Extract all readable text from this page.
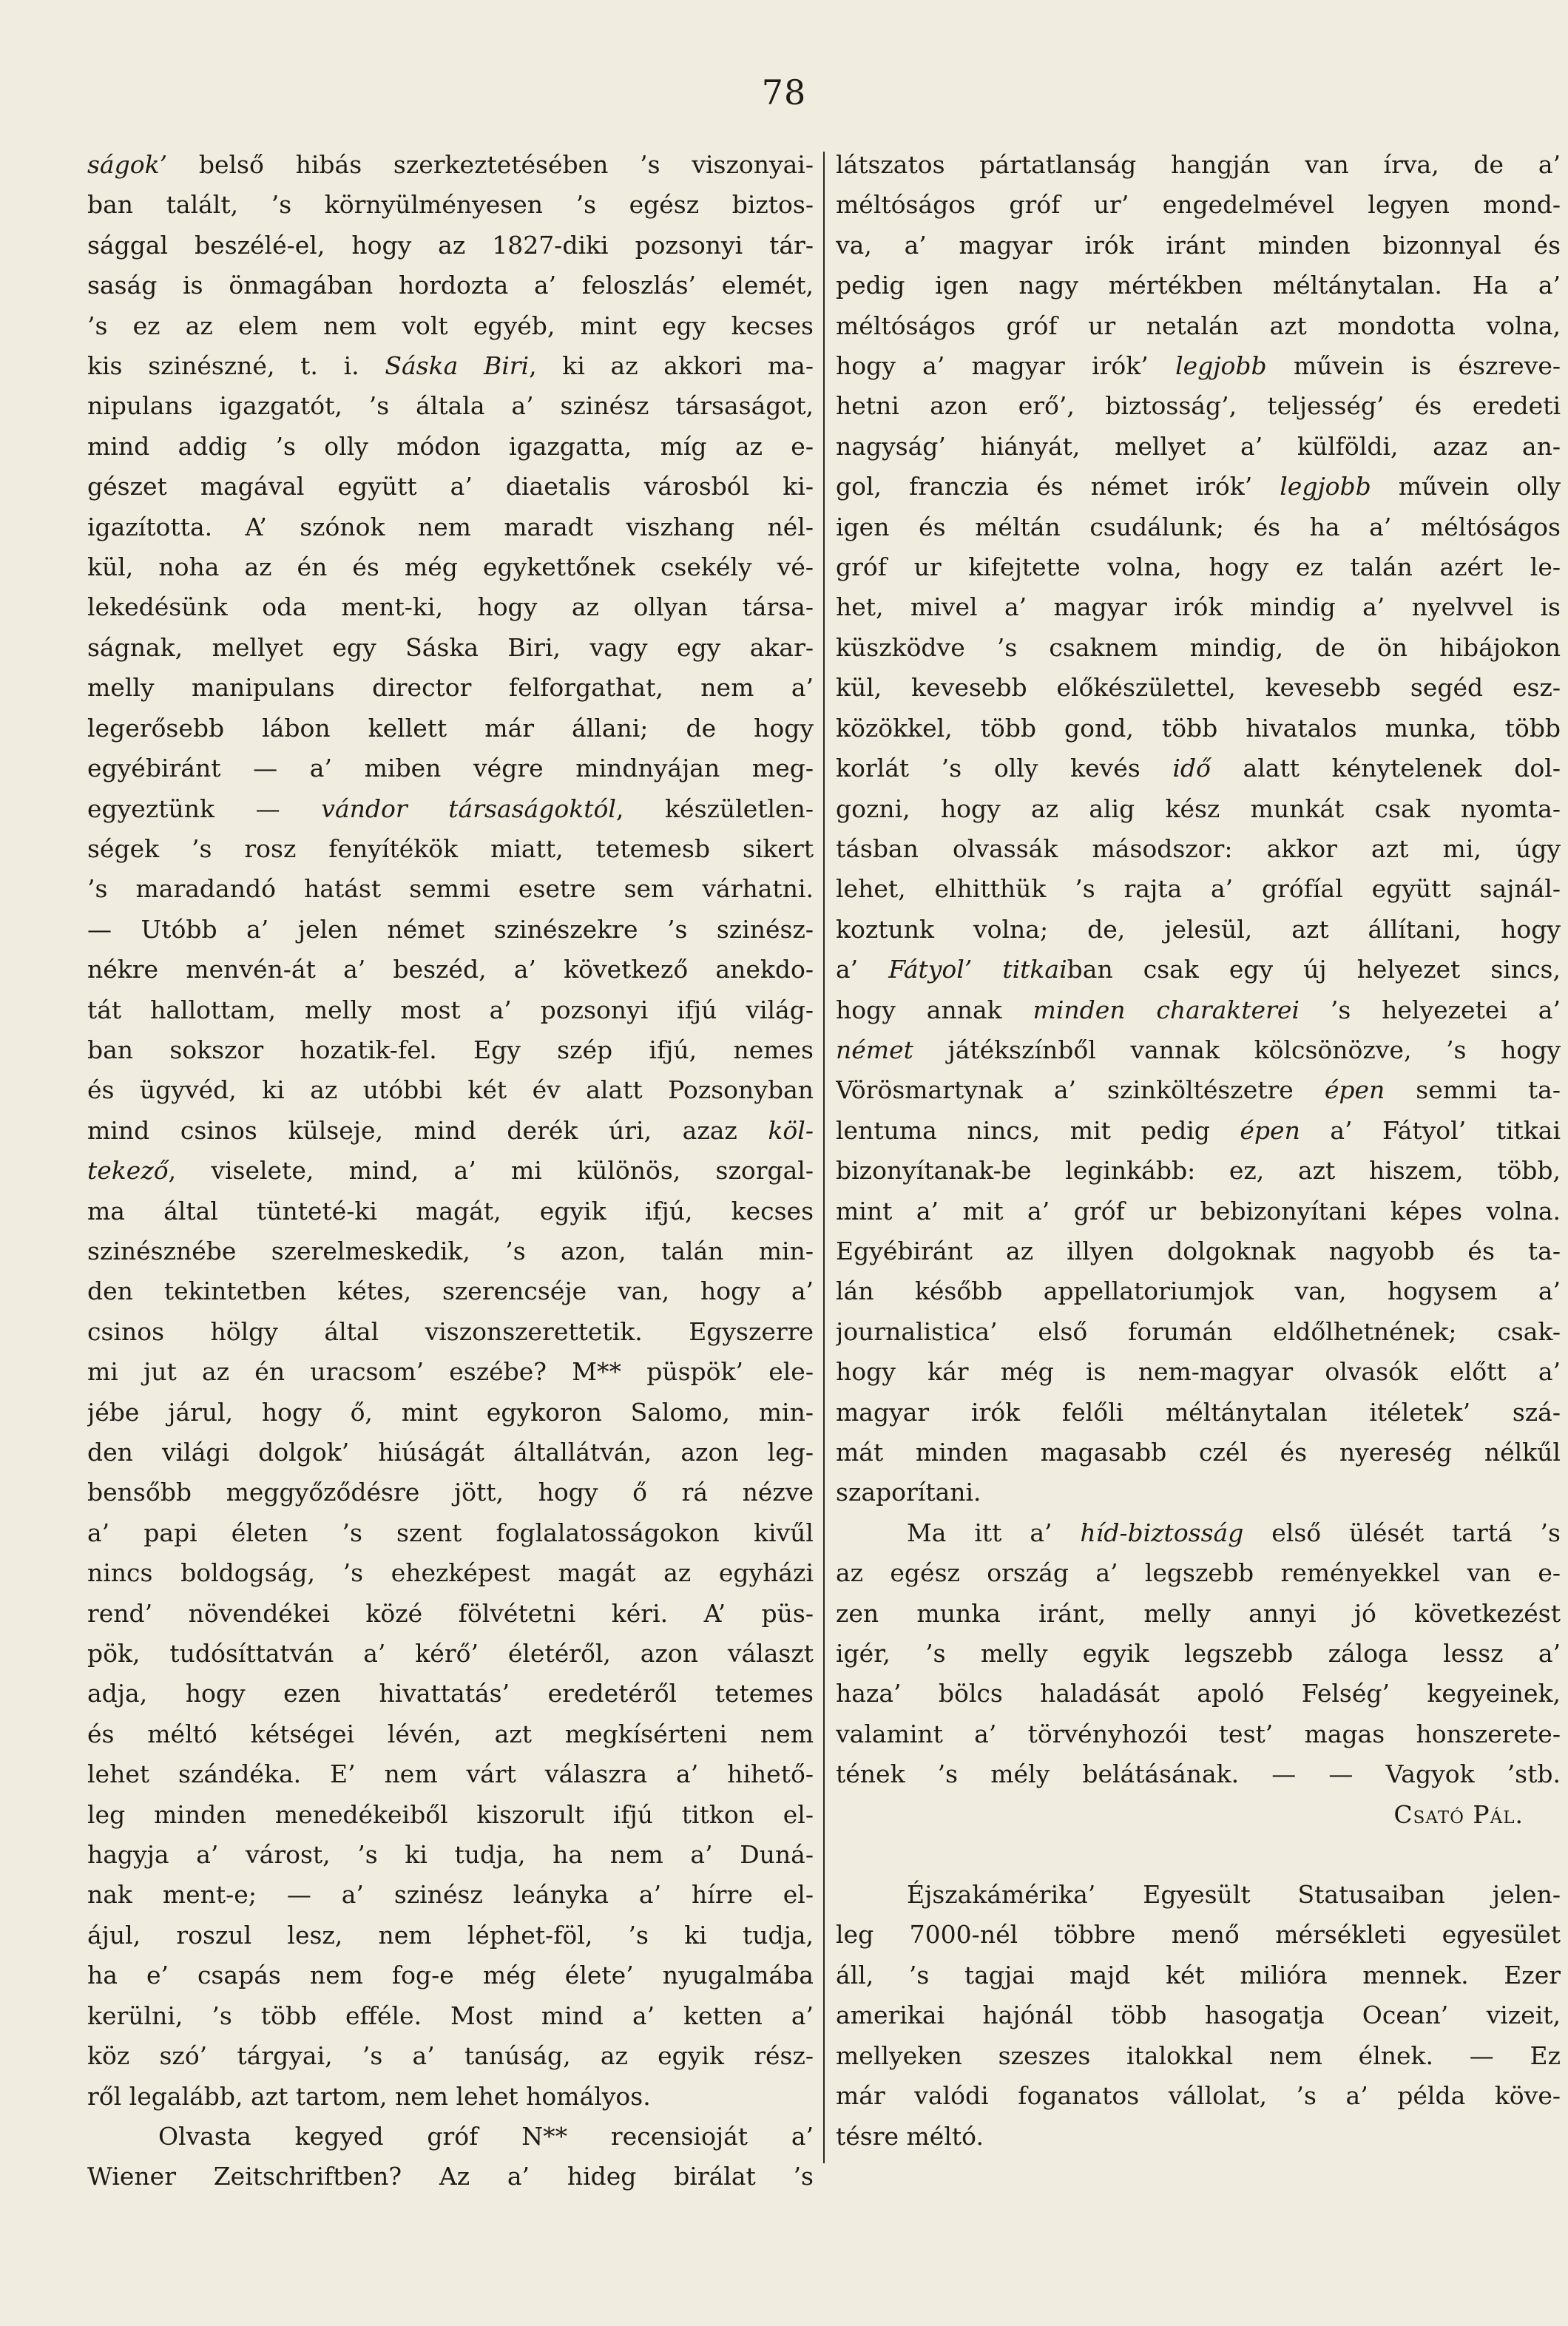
78
ságok’ belső hibás szerkeztetésében ’s viszonyai-
ban talált, ’s környülményesen ’s egész biztos-
sággal beszélé-el, hogy az 1827-diki pozsonyi tár-
saság is önmagában hordozta a’ feloszlás’ elemét,
’s ez az elem nem volt egyéb, mint egy kecses
kis szinészné, t. i. Sáska Biri, ki az akkori ma-
nipulans igazgatót, ’s általa a’ szinész társaságot,
mind addig ’s olly módon igazgatta, míg az e-
gészet magával együtt a’ diaetalis városból ki-
igazította. A’ szónok nem maradt viszhang nél-
kül, noha az én és még egykettőnek csekély vé-
lekedésünk oda ment-ki, hogy az ollyan társa-
ságnak, mellyet egy Sáska Biri, vagy egy akar-
melly manipulans director felforgathat, nem a’
legerősebb lábon kellett már állani; de hogy
egyébiránt — a’ miben végre mindnyájan meg-
egyeztünk — vándor társaságoktól, készületlen-
ségek ’s rosz fenyítékök miatt, tetemesb sikert
’s maradandó hatást semmi esetre sem várhatni.
— Utóbb a’ jelen német szinészekre ’s szinész-
nékre menvén-át a’ beszéd, a’ következő anekdo-
tát hallottam, melly most a’ pozsonyi ifjú világ-
ban sokszor hozatik-fel. Egy szép ifjú, nemes
és ügyvéd, ki az utóbbi két év alatt Pozsonyban
mind csinos külseje, mind derék úri, azaz köl-
tekező, viselete, mind, a’ mi különös, szorgal-
ma által tünteté-ki magát, egyik ifjú, kecses
szinésznébe szerelmeskedik, ’s azon, talán min-
den tekintetben kétes, szerencséje van, hogy a’
csinos hölgy által viszonszerettetik. Egyszerre
mi jut az én uracsom’ eszébe? M** püspök’ ele-
jébe járul, hogy ő, mint egykoron Salomo, min-
den világi dolgok’ hiúságát általlátván, azon leg-
bensőbb meggyőződésre jött, hogy ő rá nézve
a’ papi életen ’s szent foglalatosságokon kivűl
nincs boldogság, ’s ehezképest magát az egyházi
rend’ növendékei közé fölvétetni kéri. A’ püs-
pök, tudósíttatván a’ kérő’ életéről, azon választ
adja, hogy ezen hivattatás’ eredetéről tetemes
és méltó kétségei lévén, azt megkísérteni nem
lehet szándéka. E’ nem várt válaszra a’ hihető-
leg minden menedékeiből kiszorult ifjú titkon el-
hagyja a’ várost, ’s ki tudja, ha nem a’ Duná-
nak ment-e; — a’ szinész leányka a’ hírre el-
ájul, roszul lesz, nem léphet-föl, ’s ki tudja,
ha e’ csapás nem fog-e még élete’ nyugalmába
kerülni, ’s több efféle. Most mind a’ ketten a’
köz szó’ tárgyai, ’s a’ tanúság, az egyik rész-
ről legalább, azt tartom, nem lehet homályos.
Olvasta kegyed gróf N** recensioját a’
Wiener Zeitschriftben? Az a’ hideg birálat ’s
látszatos pártatlanság hangján van írva, de a’
méltóságos gróf ur’ engedelmével legyen mond-
va, a’ magyar irók iránt minden bizonnyal és
pedig igen nagy mértékben méltánytalan. Ha a’
méltóságos gróf ur netalán azt mondotta volna,
hogy a’ magyar irók’ legjobb művein is észreve-
hetni azon erő’, biztosság’, teljesség’ és eredeti
nagyság’ hiányát, mellyet a’ külföldi, azaz an-
gol, franczia és német irók’ legjobb művein olly
igen és méltán csudálunk; és ha a’ méltóságos
gróf ur kifejtette volna, hogy ez talán azért le-
het, mivel a’ magyar irók mindig a’ nyelvvel is
küszködve ’s csaknem mindig, de ön hibájokon
kül, kevesebb előkészülettel, kevesebb segéd esz-
közökkel, több gond, több hivatalos munka, több
korlát ’s olly kevés idő alatt kénytelenek dol-
gozni, hogy az alig kész munkát csak nyomta-
tásban olvassák másodszor: akkor azt mi, úgy
lehet, elhitthük ’s rajta a’ grófíal együtt sajnál-
koztunk volna; de, jelesül, azt állítani, hogy
a’ Fátyol’ titkaiban csak egy új helyezet sincs,
hogy annak minden charakterei ’s helyezetei a’
német játékszínből vannak kölcsönözve, ’s hogy
Vörösmartynak a’ szinköltészetre épen semmi ta-
lentuma nincs, mit pedig épen a’ Fátyol’ titkai
bizonyítanak-be leginkább: ez, azt hiszem, több,
mint a’ mit a’ gróf ur bebizonyítani képes volna.
Egyébiránt az illyen dolgoknak nagyobb és ta-
lán később appellatoriumjok van, hogysem a’
journalistica’ első forumán eldőlhetnének; csak-
hogy kár még is nem-magyar olvasók előtt a’
magyar irók felőli méltánytalan itéletek’ szá-
mát minden magasabb czél és nyereség nélkűl
szaporítani.
Ma itt a’ híd-biztosság első ülését tartá ’s
az egész ország a’ legszebb reményekkel van e-
zen munka iránt, melly annyi jó következést
igér, ’s melly egyik legszebb záloga lessz a’
haza’ bölcs haladását apoló Felség’ kegyeinek,
valamint a’ törvényhozói test’ magas honszerete-
tének ’s mély belátásának. — — Vagyok ’stb.
Csató Pál.
Éjszakámérika’ Egyesült Statusaiban jelen-
leg 7000-nél többre menő mérsékleti egyesület
áll, ’s tagjai majd két milióra mennek. Ezer
amerikai hajónál több hasogatja Ocean’ vizeit,
mellyeken szeszes italokkal nem élnek. — Ez
már valódi foganatos vállolat, ’s a’ példa köve-
tésre méltó.
